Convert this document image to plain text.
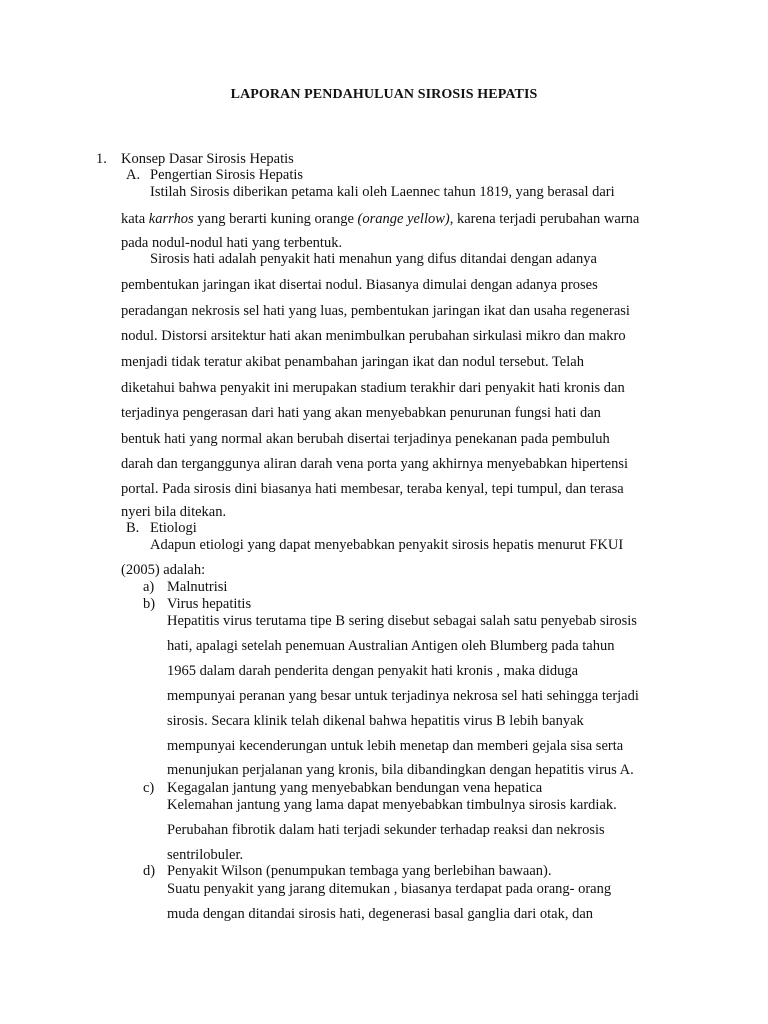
LAPORAN PENDAHULUAN SIROSIS HEPATIS
1. Konsep Dasar Sirosis Hepatis
A. Pengertian Sirosis Hepatis
Istilah Sirosis diberikan petama kali oleh Laennec tahun 1819, yang berasal dari
kata karrhos yang berarti kuning orange (orange yellow), karena terjadi perubahan warna
pada nodul-nodul hati yang terbentuk.
Sirosis hati adalah penyakit hati menahun yang difus ditandai dengan adanya
pembentukan jaringan ikat disertai nodul. Biasanya dimulai dengan adanya proses
peradangan nekrosis sel hati yang luas, pembentukan jaringan ikat dan usaha regenerasi
nodul. Distorsi arsitektur hati akan menimbulkan perubahan sirkulasi mikro dan makro
menjadi tidak teratur akibat penambahan jaringan ikat dan nodul tersebut. Telah
diketahui bahwa penyakit ini merupakan stadium terakhir dari penyakit hati kronis dan
terjadinya pengerasan dari hati yang akan menyebabkan penurunan fungsi hati dan
bentuk hati yang normal akan berubah disertai terjadinya penekanan pada pembuluh
darah dan terganggunya aliran darah vena porta yang akhirnya menyebabkan hipertensi
portal. Pada sirosis dini biasanya hati membesar, teraba kenyal, tepi tumpul, dan terasa
nyeri bila ditekan.
B. Etiologi
Adapun etiologi yang dapat menyebabkan penyakit sirosis hepatis menurut FKUI
(2005) adalah:
a) Malnutrisi
b) Virus hepatitis
Hepatitis virus terutama tipe B sering disebut sebagai salah satu penyebab sirosis
hati, apalagi setelah penemuan Australian Antigen oleh Blumberg pada tahun
1965 dalam darah penderita dengan penyakit hati kronis , maka diduga
mempunyai peranan yang besar untuk terjadinya nekrosa sel hati sehingga terjadi
sirosis. Secara klinik telah dikenal bahwa hepatitis virus B lebih banyak
mempunyai kecenderungan untuk lebih menetap dan memberi gejala sisa serta
menunjukan perjalanan yang kronis, bila dibandingkan dengan hepatitis virus A.
c) Kegagalan jantung yang menyebabkan bendungan vena hepatica
Kelemahan jantung yang lama dapat menyebabkan timbulnya sirosis kardiak.
Perubahan fibrotik dalam hati terjadi sekunder terhadap reaksi dan nekrosis
sentrilobuler.
d) Penyakit Wilson (penumpukan tembaga yang berlebihan bawaan).
Suatu penyakit yang jarang ditemukan , biasanya terdapat pada orang- orang
muda dengan ditandai sirosis hati, degenerasi basal ganglia dari otak, dan
